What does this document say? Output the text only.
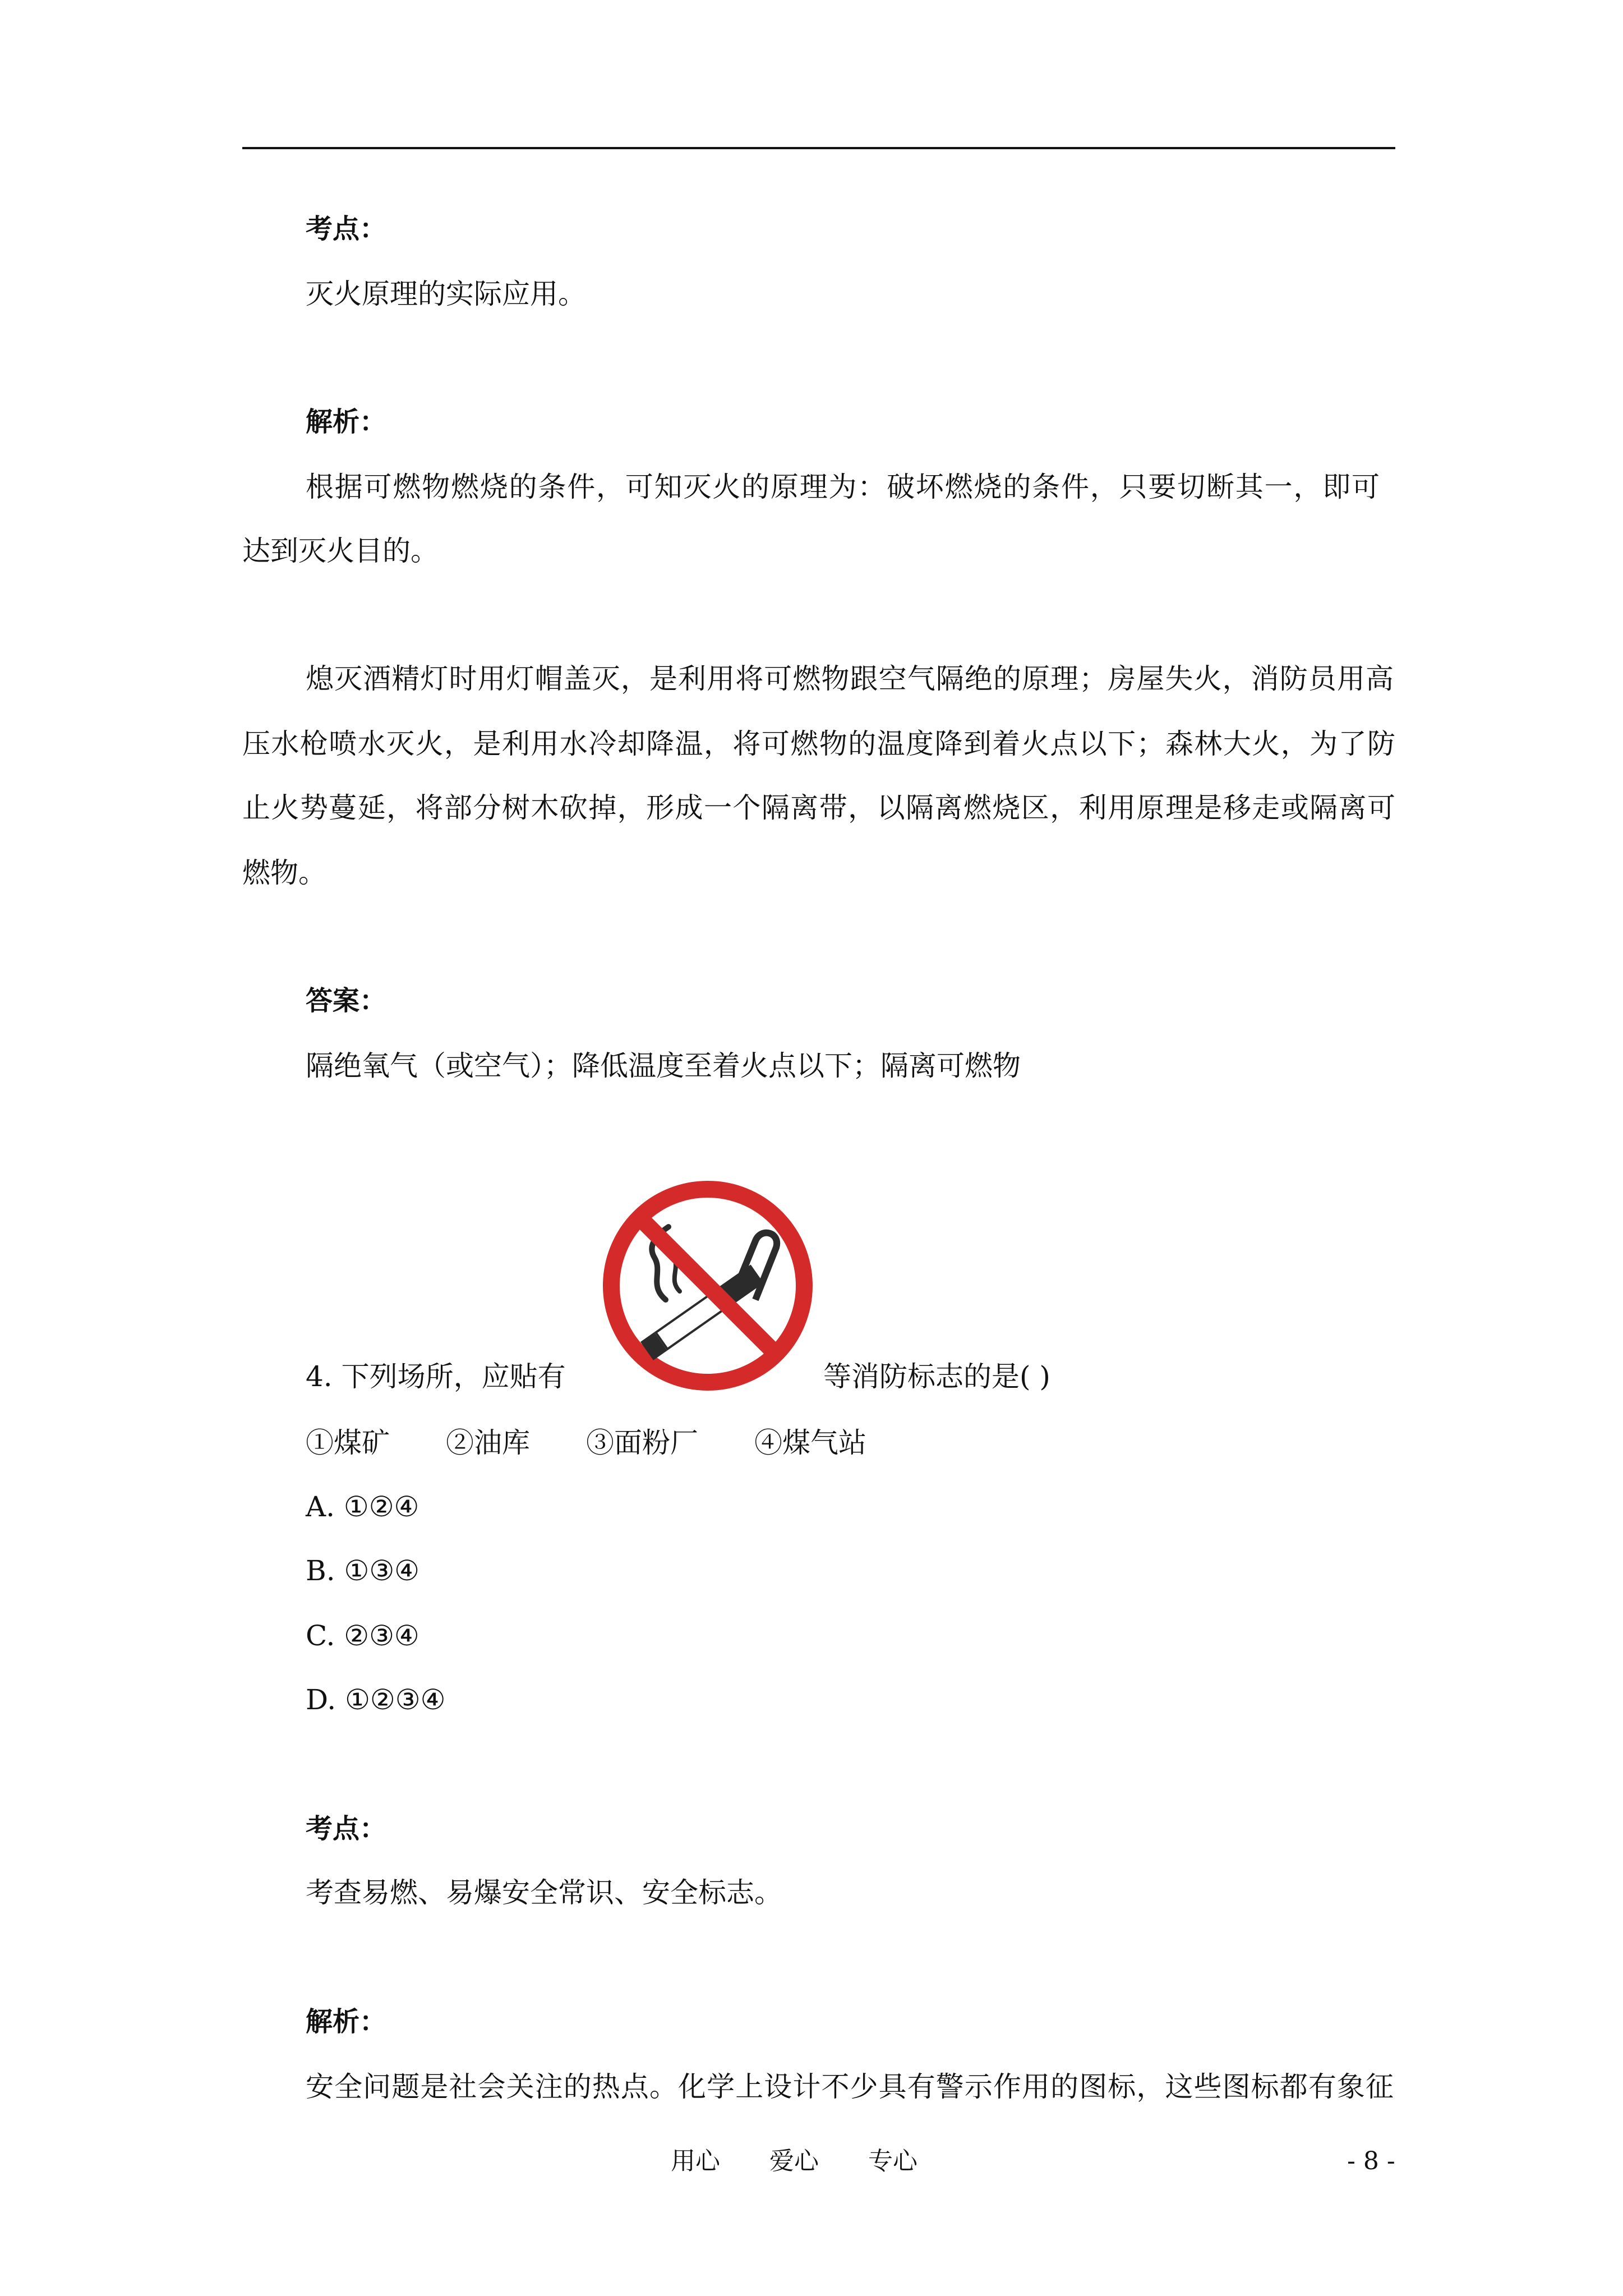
考点：
灭火原理的实际应用。
解析：
根据可燃物燃烧的条件，可知灭火的原理为：破坏燃烧的条件，只要切断其一，即可
达到灭火目的。
熄灭酒精灯时用灯帽盖灭，是利用将可燃物跟空气隔绝的原理；房屋失火，消防员用高
压水枪喷水灭火，是利用水冷却降温，将可燃物的温度降到着火点以下；森林大火，为了防
止火势蔓延，将部分树木砍掉，形成一个隔离带，以隔离燃烧区，利用原理是移走或隔离可
燃物。
答案：
隔绝氧气（或空气）；降低温度至着火点以下；隔离可燃物
4. 下列场所，应贴有	等消防标志的是( )
①煤矿　　②油库　　③面粉厂　　④煤气站
A. ①②④
B. ①③④
C. ②③④
D. ①②③④
考点：
考查易燃、易爆安全常识、安全标志。
解析：
安全问题是社会关注的热点。化学上设计不少具有警示作用的图标，这些图标都有象征
用心　　爱心　　专心	- 8 -
